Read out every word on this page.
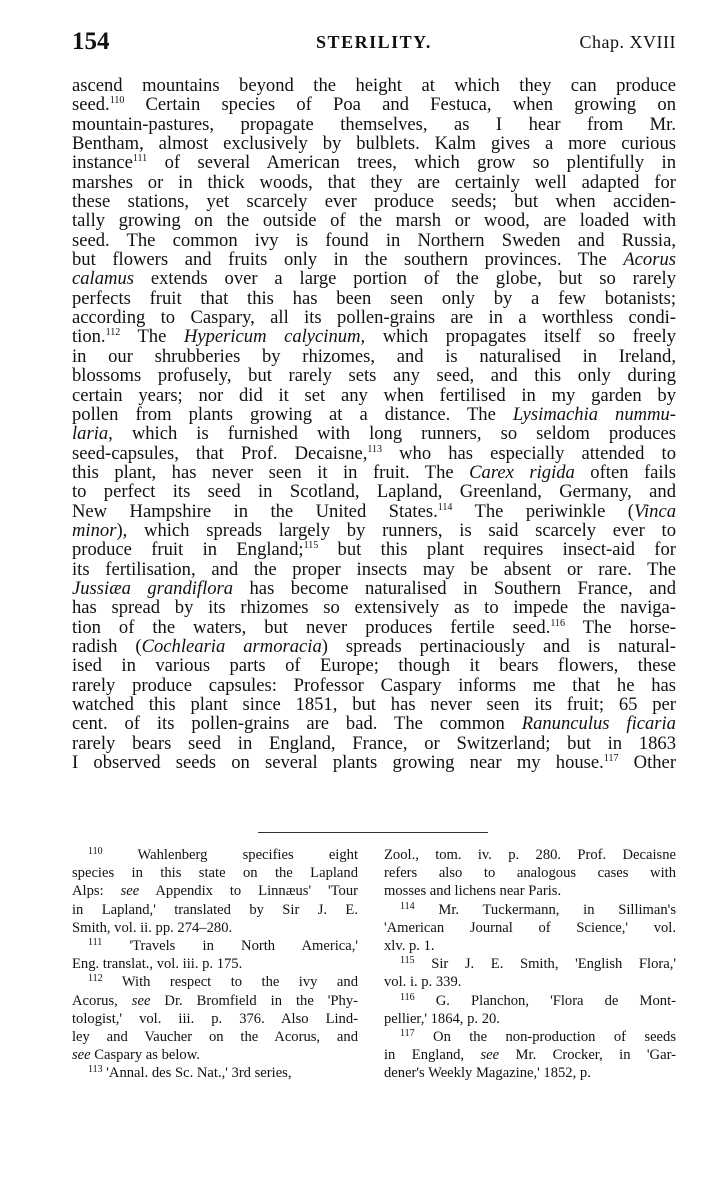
154	STERILITY.	Chap. XVIII
ascend mountains beyond the height at which they can produce
seed.$^{110}$ Certain species of Poa and Festuca, when growing on
mountain-pastures, propagate themselves, as I hear from Mr.
Bentham, almost exclusively by bulblets. Kalm gives a more curious
instance$^{111}$ of several American trees, which grow so plentifully in
marshes or in thick woods, that they are certainly well adapted for
these stations, yet scarcely ever produce seeds; but when acciden-
tally growing on the outside of the marsh or wood, are loaded with
seed. The common ivy is found in Northern Sweden and Russia,
but flowers and fruits only in the southern provinces. The Acorus
calamus extends over a large portion of the globe, but so rarely
perfects fruit that this has been seen only by a few botanists;
according to Caspary, all its pollen-grains are in a worthless condi-
tion.$^{112}$ The Hypericum calycinum, which propagates itself so freely
in our shrubberies by rhizomes, and is naturalised in Ireland,
blossoms profusely, but rarely sets any seed, and this only during
certain years; nor did it set any when fertilised in my garden by
pollen from plants growing at a distance. The Lysimachia nummu-
laria, which is furnished with long runners, so seldom produces
seed-capsules, that Prof. Decaisne,$^{113}$ who has especially attended to
this plant, has never seen it in fruit. The Carex rigida often fails
to perfect its seed in Scotland, Lapland, Greenland, Germany, and
New Hampshire in the United States.$^{114}$ The periwinkle (Vinca
minor), which spreads largely by runners, is said scarcely ever to
produce fruit in England;$^{115}$ but this plant requires insect-aid for
its fertilisation, and the proper insects may be absent or rare. The
Jussiæa grandiflora has become naturalised in Southern France, and
has spread by its rhizomes so extensively as to impede the naviga-
tion of the waters, but never produces fertile seed.$^{116}$ The horse-
radish (Cochlearia armoracia) spreads pertinaciously and is natural-
ised in various parts of Europe; though it bears flowers, these
rarely produce capsules: Professor Caspary informs me that he has
watched this plant since 1851, but has never seen its fruit; 65 per
cent. of its pollen-grains are bad. The common Ranunculus ficaria
rarely bears seed in England, France, or Switzerland; but in 1863
I observed seeds on several plants growing near my house.$^{117}$ Other
$^{110}$ Wahlenberg specifies eight
species in this state on the Lapland
Alps: see Appendix to Linnæus' 'Tour
in Lapland,' translated by Sir J. E.
Smith, vol. ii. pp. 274–280.
$^{111}$ 'Travels in North America,'
Eng. translat., vol. iii. p. 175.
$^{112}$ With respect to the ivy and
Acorus, see Dr. Bromfield in the 'Phy-
tologist,' vol. iii. p. 376. Also Lind-
ley and Vaucher on the Acorus, and
see Caspary as below.
$^{113}$ 'Annal. des Sc. Nat.,' 3rd series,
Zool., tom. iv. p. 280. Prof. Decaisne
refers also to analogous cases with
mosses and lichens near Paris.
$^{114}$ Mr. Tuckermann, in Silliman's
'American Journal of Science,' vol.
xlv. p. 1.
$^{115}$ Sir J. E. Smith, 'English Flora,'
vol. i. p. 339.
$^{116}$ G. Planchon, 'Flora de Mont-
pellier,' 1864, p. 20.
$^{117}$ On the non-production of seeds
in England, see Mr. Crocker, in 'Gar-
dener's Weekly Magazine,' 1852, p.
